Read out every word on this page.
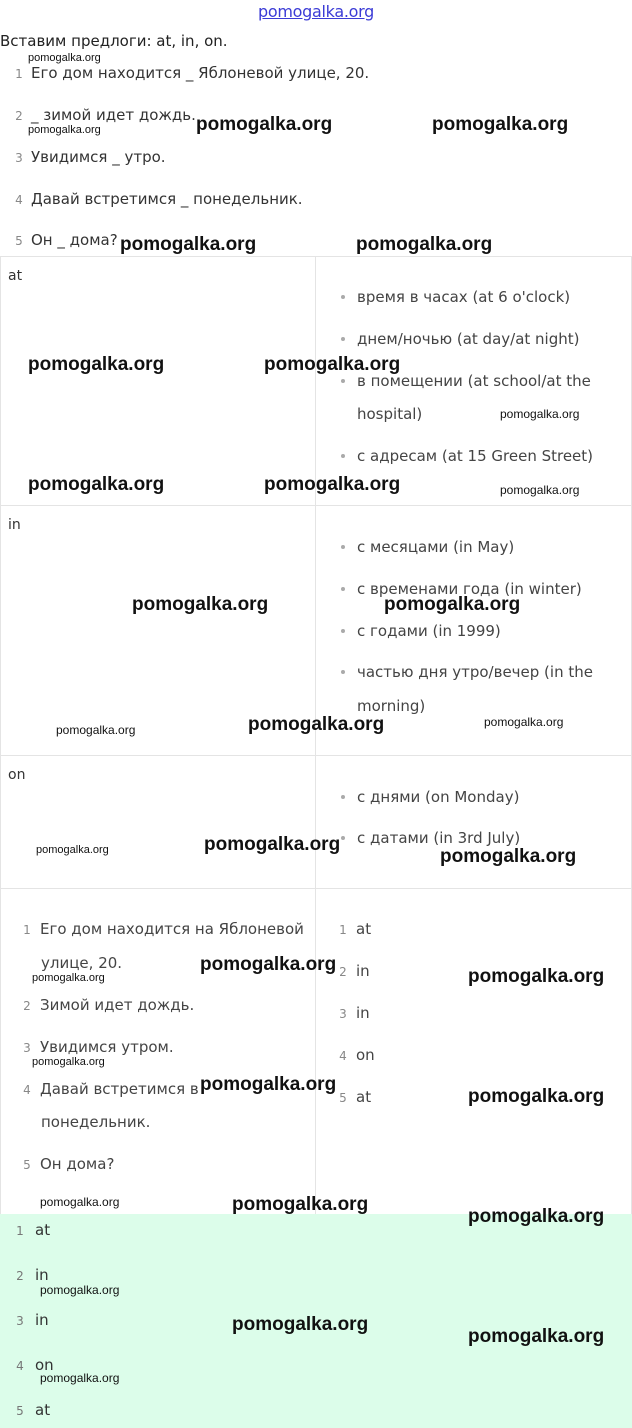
pomogalka.org
Вставим предлоги: at, in, on.
1 Его дом находится _ Яблоневой улице, 20.
2 _ зимой идет дождь.
3 Увидимся _ утро.
4 Давай встретимся _ понедельник.
5 Он _ дома?
at
время в часах (at 6 o'clock)
днем/ночью (at day/at night)
в помещении (at school/at the
hospital)
с адресам (at 15 Green Street)
in
с месяцами (in May)
с временами года (in winter)
с годами (in 1999)
частью дня утро/вечер (in the
morning)
on
с днями (on Monday)
с датами (in 3rd July)
1 Его дом находится на Яблоневой
улице, 20.
2 Зимой идет дождь.
3 Увидимся утром.
4 Давай встретимся в
понедельник.
5 Он дома?
1 at
2 in
3 in
4 on
5 at
1 at
2 in
3 in
4 on
5 at
pomogalka.org
pomogalka.org	pomogalka.org	pomogalka.org
pomogalka.org	pomogalka.org
pomogalka.org	pomogalka.org
pomogalka.org
pomogalka.org	pomogalka.org	pomogalka.org
pomogalka.org	pomogalka.org
pomogalka.org	pomogalka.org	pomogalka.org
pomogalka.org	pomogalka.org
pomogalka.org
pomogalka.org
pomogalka.org	pomogalka.org
pomogalka.org
pomogalka.org
pomogalka.org
pomogalka.org	pomogalka.org
pomogalka.org
pomogalka.org
pomogalka.org
pomogalka.org
pomogalka.org
